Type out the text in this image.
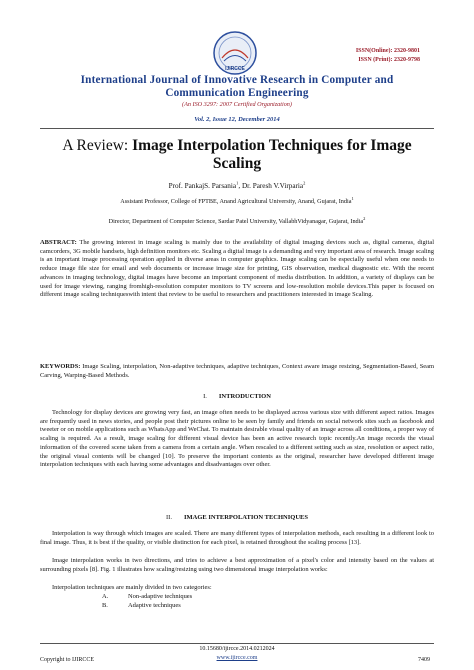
IJIRCCE
ISSN(Online): 2320-9801
ISSN (Print): 2320-9798
International Journal of Innovative Research in Computer and Communication Engineering
(An ISO 3297: 2007 Certified Organization)
Vol. 2, Issue 12, December 2014
A Review: Image Interpolation Techniques for Image Scaling
Prof. PankajS. Parsania$^1$, Dr. Paresh V.Virparia$^2$
Assistant Professor, College of FPTBE, Anand Agricultural University, Anand, Gujarat, India$^1$
Director, Department of Computer Science, Sardar Patel University, VallabhVidyanagar, Gujarat, India$^2$
ABSTRACT: The growing interest in image scaling is mainly due to the availability of digital imaging devices such as, digital cameras, digital camcorders, 3G mobile handsets, high definition monitors etc. Scaling a digital image is a demanding and very important area of research. Image scaling is an important image processing operation applied in diverse areas in computer graphics. Image scaling can be especially useful when one needs to reduce image file size for email and web documents or increase image size for printing, GIS observation, medical diagnostic etc. With the recent advances in imaging technology, digital images have become an important component of media distribution. In addition, a variety of displays can be used for image viewing, ranging fromhigh-resolution computer monitors to TV screens and low-resolution mobile devices.This paper is focused on different image scaling techniqueswith intent that review to be useful to researchers and practitioners interested in image Scaling.
KEYWORDS: Image Scaling, interpolation, Non-adaptive techniques, adaptive techniques, Context aware image resizing, Segmentation-Based, Seam Carving, Warping-Based Methods.
I. INTRODUCTION
Technology for display devices are growing very fast, an image often needs to be displayed across various size with different aspect ratios. Images are frequently used in news stories, and people post their pictures online to be seen by family and friends on social network sites such as facebook and tweeter or on mobile applications such as WhatsApp and WeChat. To maintain desirable visual quality of an image across all conditions, a proper way of scaling is required. As a result, image scaling for different visual device has been an active research topic recently.An image records the visual information of the covered scene taken from a camera from a certain angle. When rescaled to a different setting such as size, resolution or aspect ratio, the original visual contents will be changed [10]. To preserve the important contents as the original, researcher have developed different image interpolation techniques with each having some advantages and disadvantages over other.
II. IMAGE INTERPOLATION TECHNIQUES
Interpolation is way through which images are scaled. There are many different types of interpolation methods, each resulting in a different look to final image. Thus, it is best if the quality, or visible distinction for each pixel, is retained throughout the scaling process [13].
Image interpolation works in two directions, and tries to achieve a best approximation of a pixel's color and intensity based on the values at surrounding pixels [8]. Fig. 1 illustrates how scaling/resizing using two dimensional image interpolation works:
Interpolation techniques are mainly divided in two categories:
A.	Non-adaptive techniques
B.	Adaptive techniques
10.15680/ijircce.2014.0212024
www.ijircce.com
Copyright to IJIRCCE	7409
